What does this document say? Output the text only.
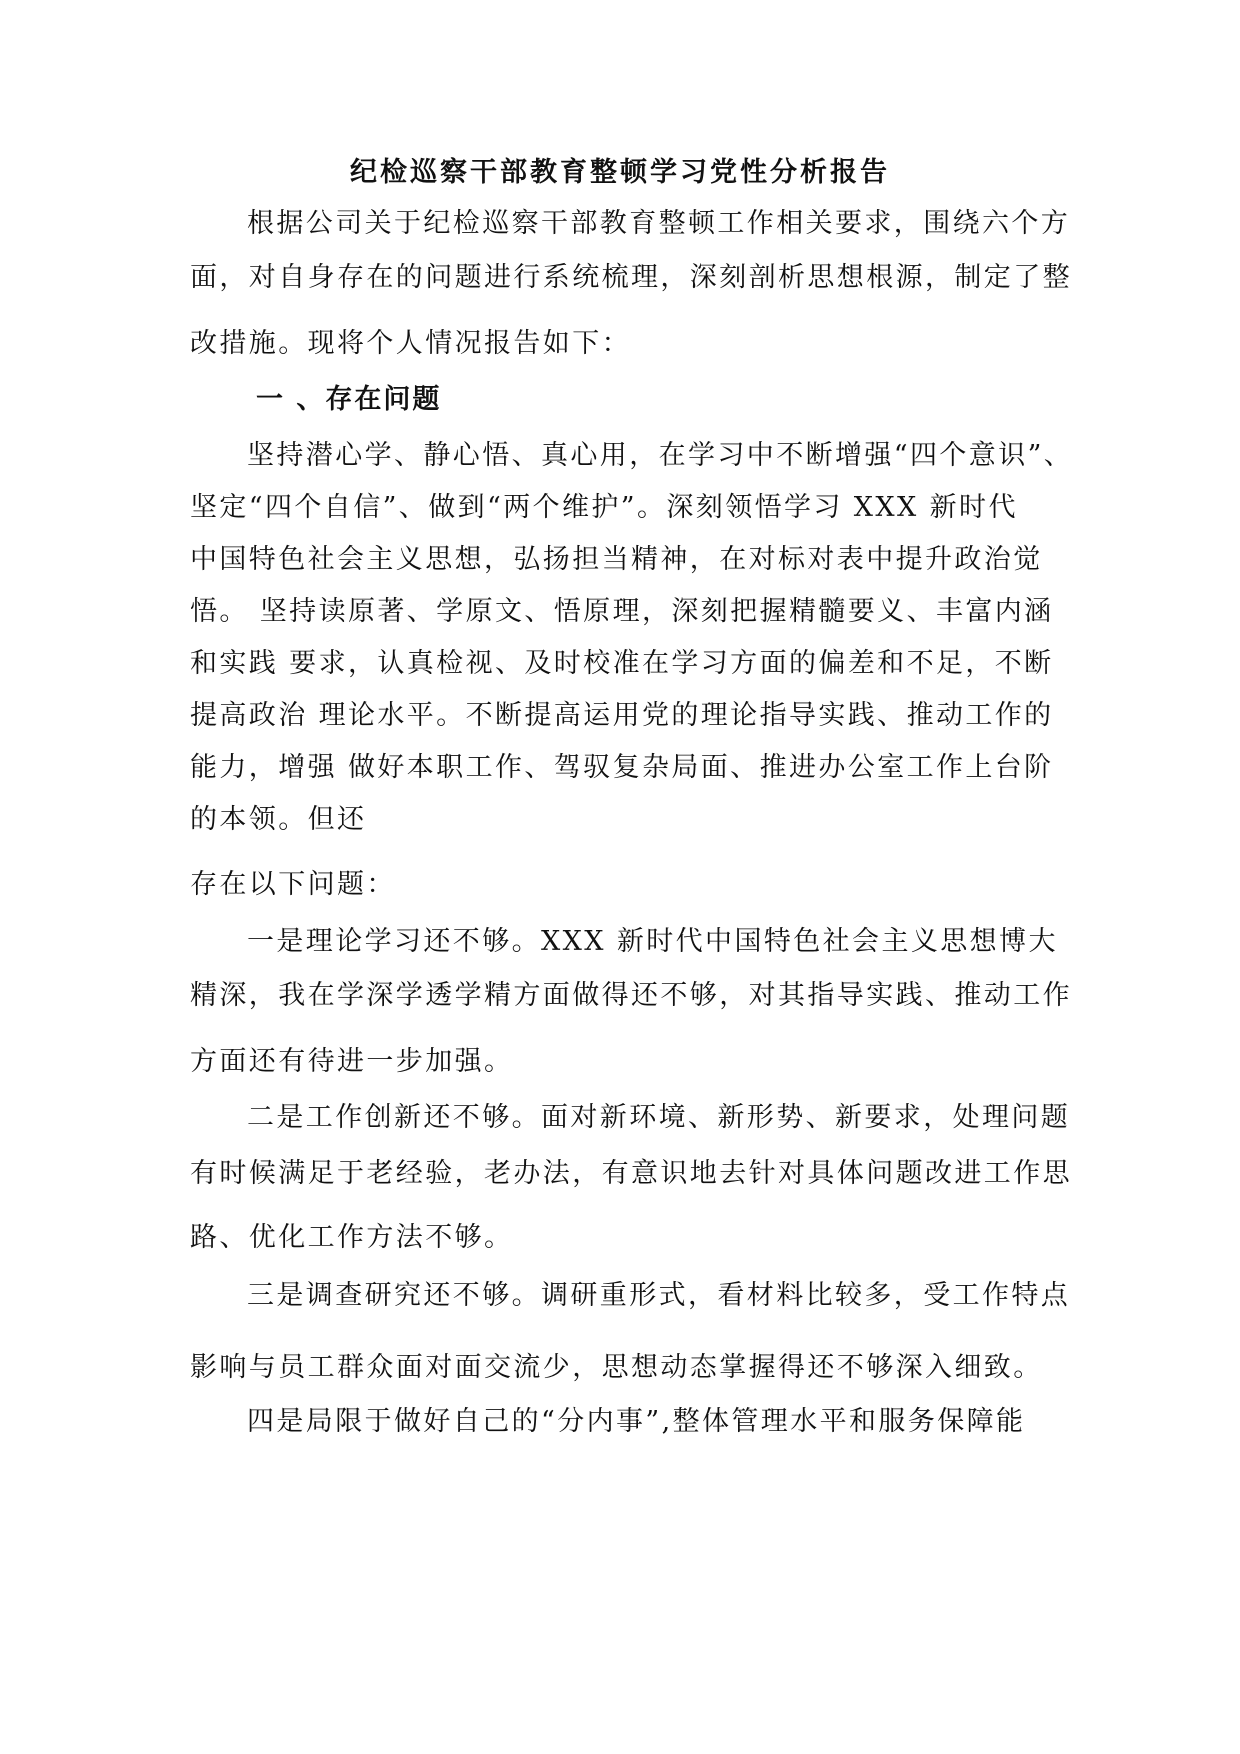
纪检巡察干部教育整顿学习党性分析报告

根据公司关于纪检巡察干部教育整顿工作相关要求，围绕六个方

面，对自身存在的问题进行系统梳理，深刻剖析思想根源，制定了整

改措施。现将个人情况报告如下：

一 、存在问题

坚持潜心学、静心悟、真心用，在学习中不断增强“四个意识”、

坚定“四个自信”、做到“两个维护”。深刻领悟学习 XXX 新时代

中国特色社会主义思想，弘扬担当精神，在对标对表中提升政治觉

悟。 坚持读原著、学原文、悟原理，深刻把握精髓要义、丰富内涵

和实践 要求，认真检视、及时校准在学习方面的偏差和不足，不断

提高政治 理论水平。不断提高运用党的理论指导实践、推动工作的

能力，增强 做好本职工作、驾驭复杂局面、推进办公室工作上台阶

的本领。但还

存在以下问题：

一是理论学习还不够。XXX 新时代中国特色社会主义思想博大

精深，我在学深学透学精方面做得还不够，对其指导实践、推动工作

方面还有待进一步加强。

二是工作创新还不够。面对新环境、新形势、新要求，处理问题

有时候满足于老经验，老办法，有意识地去针对具体问题改进工作思

路、优化工作方法不够。

三是调查研究还不够。调研重形式，看材料比较多，受工作特点

影响与员工群众面对面交流少，思想动态掌握得还不够深入细致。

四是局限于做好自己的“分内事”,整体管理水平和服务保障能
